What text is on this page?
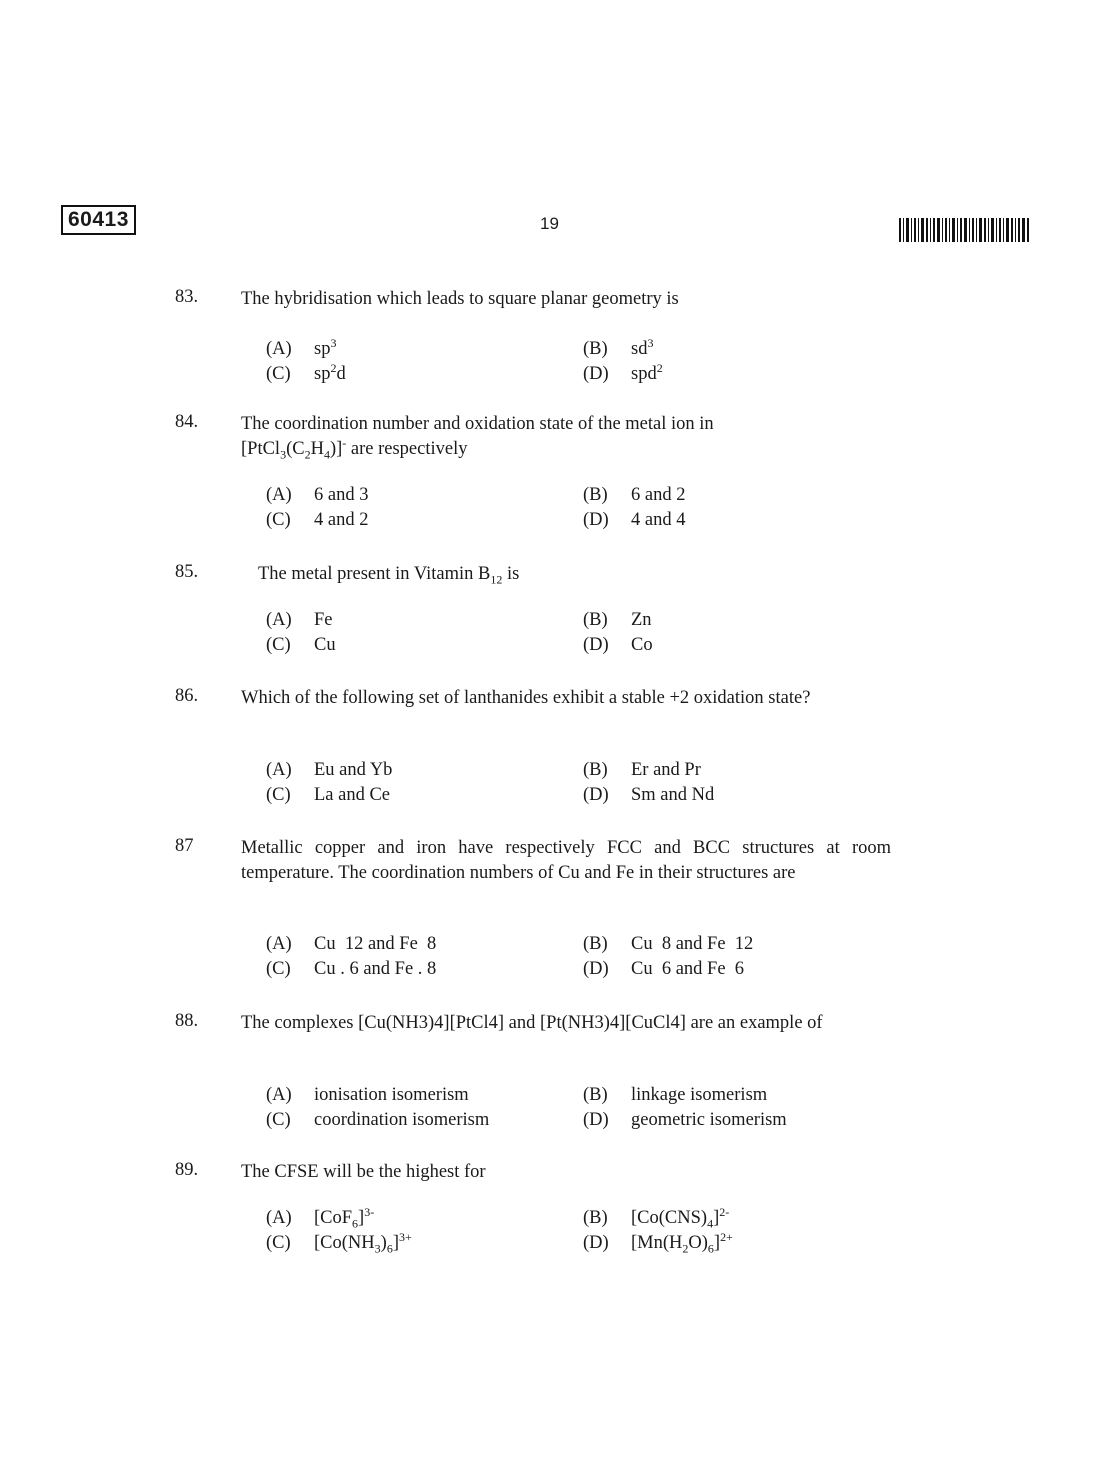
60413	19
83. The hybridisation which leads to square planar geometry is
(A) $sp^3$	(B) $sd^3$
(C) $sp^2d$	(D) spd$^2$
84. The coordination number and oxidation state of the metal ion in
$[PtCl_3(C_2H_4)]^-$ are respectively
(A) 6 and 3	(B) 6 and 2
(C) 4 and 2	(D) 4 and 4
85.	The metal present in Vitamin $B_{12}$ is
(A) Fe	(B) Zn
(C) Cu	(D) Co
86. Which of the following set of lanthanides exhibit a stable +2 oxidation state?
(A) Eu and Yb	(B) Er and Pr
(C) La and Ce	(D) Sm and Nd
87	Metallic copper and iron have respectively FCC and BCC structures at room temperature. The coordination numbers of Cu and Fe in their structures are
(A) Cu  12 and Fe  8	(B) Cu  8 and Fe  12
(C) Cu . 6 and Fe . 8	(D) Cu  6 and Fe  6
88. The complexes [Cu(NH3)4][PtCl4] and [Pt(NH3)4][CuCl4] are an example of
(A) ionisation isomerism	(B) linkage isomerism
(C) coordination isomerism	(D) geometric isomerism
89. The CFSE will be the highest for
(A) $[CoF_6]^{3-}$	(B) $[Co(CNS)_4]^{2-}$
(C) $[Co(NH_3)_6]^{3+}$	(D) $[Mn(H_2O)_6]^{2+}$
